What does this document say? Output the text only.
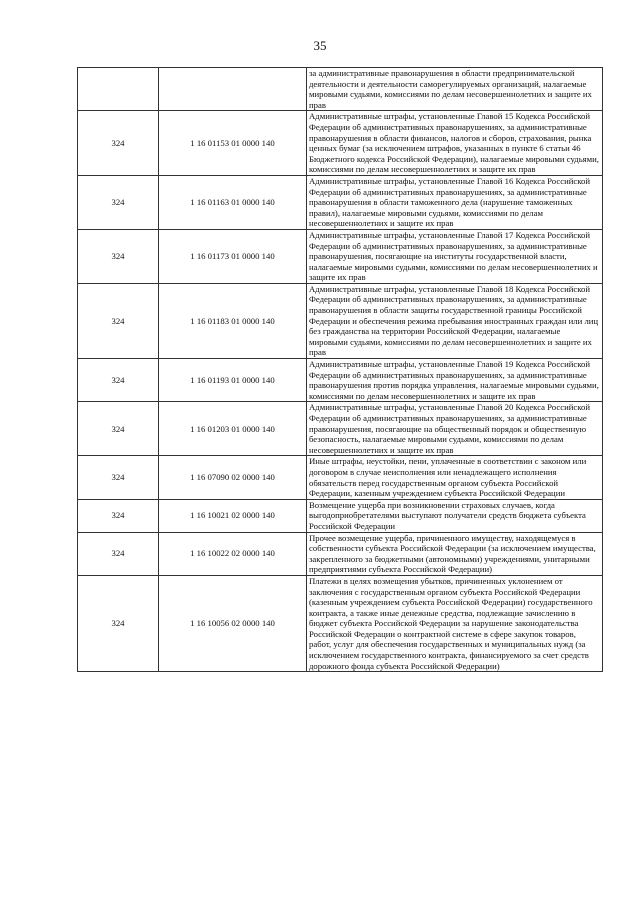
35
		за административные правонарушения в области предпринимательской деятельности и деятельности саморегулируемых организаций, налагаемые мировыми судьями, комиссиями по делам несовершеннолетних и защите их прав
324	1 16 01153 01 0000 140	Административные штрафы, установленные Главой 15 Кодекса Российской Федерации об административных правонарушениях, за административные правонарушения в области финансов, налогов и сборов, страхования, рынка ценных бумаг (за исключением штрафов, указанных в пункте 6 статьи 46 Бюджетного кодекса Российской Федерации), налагаемые мировыми судьями, комиссиями по делам несовершеннолетних и защите их прав
324	1 16 01163 01 0000 140	Административные штрафы, установленные Главой 16 Кодекса Российской Федерации об административных правонарушениях, за административные правонарушения в области таможенного дела (нарушение таможенных правил), налагаемые мировыми судьями, комиссиями по делам несовершеннолетних и защите их прав
324	1 16 01173 01 0000 140	Административные штрафы, установленные Главой 17 Кодекса Российской Федерации об административных правонарушениях, за административные правонарушения, посягающие на институты государственной власти, налагаемые мировыми судьями, комиссиями по делам несовершеннолетних и защите их прав
324	1 16 01183 01 0000 140	Административные штрафы, установленные Главой 18 Кодекса Российской Федерации об административных правонарушениях, за административные правонарушения в области защиты государственной границы Российской Федерации и обеспечения режима пребывания иностранных граждан или лиц без гражданства на территории Российской Федерации, налагаемые мировыми судьями, комиссиями по делам несовершеннолетних и защите их прав
324	1 16 01193 01 0000 140	Административные штрафы, установленные Главой 19 Кодекса Российской Федерации об административных правонарушениях, за административные правонарушения против порядка управления, налагаемые мировыми судьями, комиссиями по делам несовершеннолетних и защите их прав
324	1 16 01203 01 0000 140	Административные штрафы, установленные Главой 20 Кодекса Российской Федерации об административных правонарушениях, за административные правонарушения, посягающие на общественный порядок и общественную безопасность, налагаемые мировыми судьями, комиссиями по делам несовершеннолетних и защите их прав
324	1 16 07090 02 0000 140	Иные штрафы, неустойки, пени, уплаченные в соответствии с законом или договором в случае неисполнения или ненадлежащего исполнения обязательств перед государственным органом субъекта Российской Федерации, казенным учреждением субъекта Российской Федерации
324	1 16 10021 02 0000 140	Возмещение ущерба при возникновении страховых случаев, когда выгодоприобретателями выступают получатели средств бюджета субъекта Российской Федерации
324	1 16 10022 02 0000 140	Прочее возмещение ущерба, причиненного имуществу, находящемуся в собственности субъекта Российской Федерации (за исключением имущества, закрепленного за бюджетными (автономными) учреждениями, унитарными предприятиями субъекта Российской Федерации)
324	1 16 10056 02 0000 140	Платежи в целях возмещения убытков, причиненных уклонением от заключения с государственным органом субъекта Российской Федерации (казенным учреждением субъекта Российской Федерации) государственного контракта, а также иные денежные средства, подлежащие зачислению в бюджет субъекта Российской Федерации за нарушение законодательства Российской Федерации о контрактной системе в сфере закупок товаров, работ, услуг для обеспечения государственных и муниципальных нужд (за исключением государственного контракта, финансируемого за счет средств дорожного фонда субъекта Российской Федерации)
